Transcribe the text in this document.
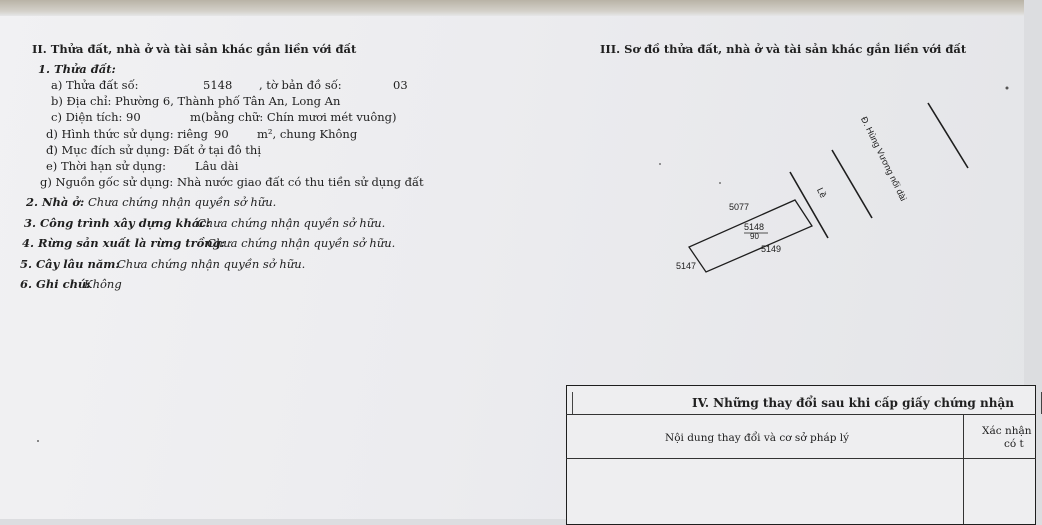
II. Thửa đất, nhà ở và tài sản khác gắn liền với đất
1. Thửa đất:
a) Thửa đất số:	5148 , tờ bản đồ số:	03
b) Địa chỉ: Phường 6, Thành phố Tân An, Long An
c) Diện tích: 90	m (bằng chữ: Chín mươi mét vuông)
d) Hình thức sử dụng: riêng 90 m², chung Không
đ) Mục đích sử dụng: Đất ở tại đô thị
e) Thời hạn sử dụng:	Lâu dài
g) Nguồn gốc sử dụng: Nhà nước giao đất có thu tiền sử dụng đất
2. Nhà ở: Chưa chứng nhận quyền sở hữu.
3. Công trình xây dựng khác:
Chưa chứng nhận quyền sở hữu.
4. Rừng sản xuất là rừng trồng:
Chưa chứng nhận quyền sở hữu.
5. Cây lâu năm:
Chưa chứng nhận quyền sở hữu.
6. Ghi chú:
Không
III. Sơ đồ thửa đất, nhà ở và tài sản khác gắn liền với đất
Đ. Hùng Vương nối dài
Lề
5077
5148
90
5149
5147
IV. Những thay đổi sau khi cấp giấy chứng nhận
Nội dung thay đổi và cơ sở pháp lý
Xác nhận
có t
